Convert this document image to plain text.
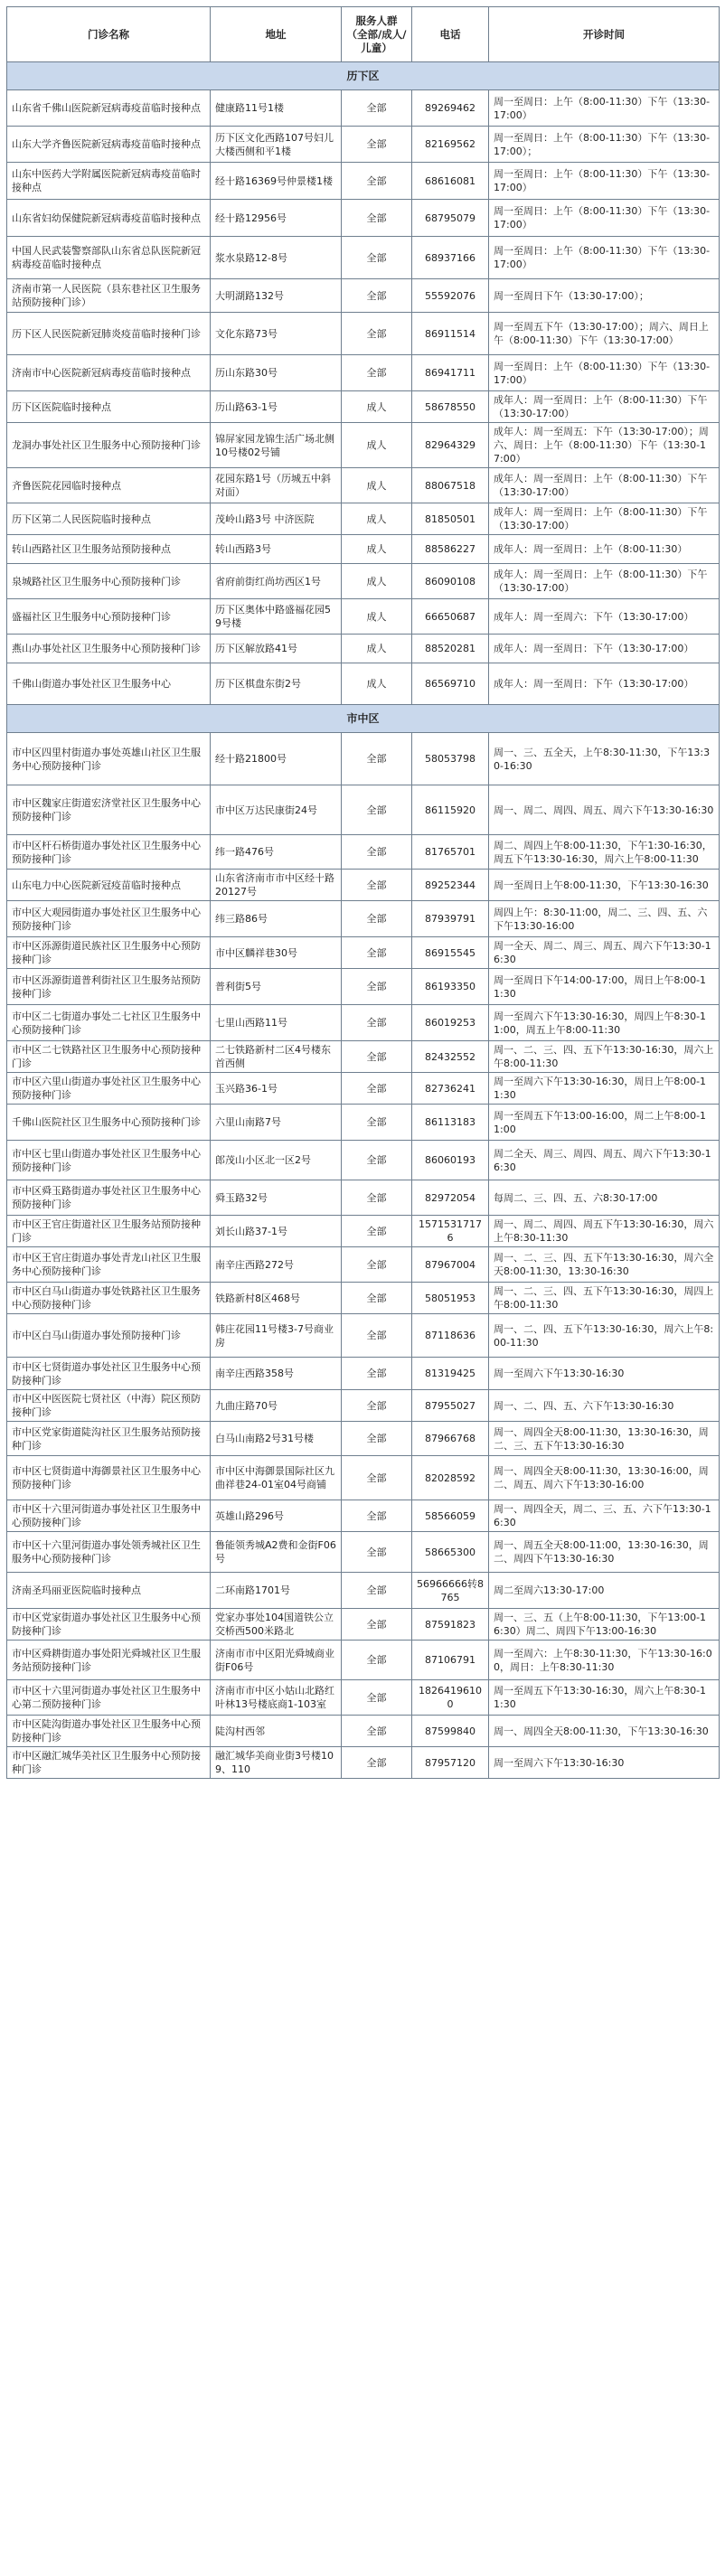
门诊名称	地址	服务人群（全部/成人/儿童）	电话	开诊时间
历下区				
山东省千佛山医院新冠病毒疫苗临时接种点	健康路11号1楼	全部	89269462	周一至周日：上午（8:00-11:30）下午（13:30-17:00）
山东大学齐鲁医院新冠病毒疫苗临时接种点	历下区文化西路107号妇儿大楼西侧和平1楼	全部	82169562	周一至周日：上午（8:00-11:30）下午（13:30-17:00）；
山东中医药大学附属医院新冠病毒疫苗临时接种点	经十路16369号仲景楼1楼	全部	68616081	周一至周日：上午（8:00-11:30）下午（13:30-17:00）
山东省妇幼保健院新冠病毒疫苗临时接种点	经十路12956号	全部	68795079	周一至周日：上午（8:00-11:30）下午（13:30-17:00）
中国人民武装警察部队山东省总队医院新冠病毒疫苗临时接种点	浆水泉路12-8号	全部	68937166	周一至周日：上午（8:00-11:30）下午（13:30-17:00）
济南市第一人民医院（县东巷社区卫生服务站预防接种门诊）	大明湖路132号	全部	55592076	周一至周日下午（13:30-17:00）；
历下区人民医院新冠肺炎疫苗临时接种门诊	文化东路73号	全部	86911514	周一至周五下午（13:30-17:00）；周六、周日上午（8:00-11:30）下午（13:30-17:00）
济南市中心医院新冠病毒疫苗临时接种点	历山东路30号	全部	86941711	周一至周日：上午（8:00-11:30）下午（13:30-17:00）
历下区医院临时接种点	历山路63-1号	成人	58678550	成年人：周一至周日：上午（8:00-11:30）下午（13:30-17:00）
龙洞办事处社区卫生服务中心预防接种门诊	锦屏家园龙锦生活广场北侧10号楼02号铺	成人	82964329	成年人：周一至周五：下午（13:30-17:00）；周六、周日：上午（8:00-11:30）下午（13:30-17:00）
齐鲁医院花园临时接种点	花园东路1号（历城五中斜对面）	成人	88067518	成年人：周一至周日：上午（8:00-11:30）下午（13:30-17:00）
历下区第二人民医院临时接种点	茂岭山路3号 中济医院	成人	81850501	成年人：周一至周日：上午（8:00-11:30）下午（13:30-17:00）
转山西路社区卫生服务站预防接种点	转山西路3号	成人	88586227	成年人：周一至周日：上午（8:00-11:30）
泉城路社区卫生服务中心预防接种门诊	省府前街红尚坊西区1号	成人	86090108	成年人：周一至周日：上午（8:00-11:30）下午（13:30-17:00）
盛福社区卫生服务中心预防接种门诊	历下区奥体中路盛福花园59号楼	成人	66650687	成年人：周一至周六：下午（13:30-17:00）
燕山办事处社区卫生服务中心预防接种门诊	历下区解放路41号	成人	88520281	成年人：周一至周日：下午（13:30-17:00）
千佛山街道办事处社区卫生服务中心	历下区棋盘东街2号	成人	86569710	成年人：周一至周日：下午（13:30-17:00）
市中区				
市中区四里村街道办事处英雄山社区卫生服务中心预防接种门诊	经十路21800号	全部	58053798	周一、三、五全天，上午8:30-11:30，下午13:30-16:30
市中区魏家庄街道宏济堂社区卫生服务中心预防接种门诊	市中区万达民康街24号	全部	86115920	周一、周二、周四、周五、周六下午13:30-16:30
市中区杆石桥街道办事处社区卫生服务中心预防接种门诊	纬一路476号	全部	81765701	周二、周四上午8:00-11:30，下午1:30-16:30，周五下午13:30-16:30，周六上午8:00-11:30
山东电力中心医院新冠疫苗临时接种点	山东省济南市市中区经十路20127号	全部	89252344	周一至周日上午8:00-11:30，下午13:30-16:30
市中区大观园街道办事处社区卫生服务中心预防接种门诊	纬三路86号	全部	87939791	周四上午：8:30-11:00，周二、三、四、五、六下午13:30-16:00
市中区泺源街道民族社区卫生服务中心预防接种门诊	市中区麟祥巷30号	全部	86915545	周一全天、周二、周三、周五、周六下午13:30-16:30
市中区泺源街道普利街社区卫生服务站预防接种门诊	普利街5号	全部	86193350	周一至周日下午14:00-17:00，周日上午8:00-11:30
市中区二七街道办事处二七社区卫生服务中心预防接种门诊	七里山西路11号	全部	86019253	周一至周六下午13:30-16:30，周四上午8:30-11:00，周五上午8:00-11:30
市中区二七铁路社区卫生服务中心预防接种门诊	二七铁路新村二区4号楼东首西侧	全部	82432552	周一、二、三、四、五下午13:30-16:30，周六上午8:00-11:30
市中区六里山街道办事处社区卫生服务中心预防接种门诊	玉兴路36-1号	全部	82736241	周一至周六下午13:30-16:30，周日上午8:00-11:30
千佛山医院社区卫生服务中心预防接种门诊	六里山南路7号	全部	86113183	周一至周五下午13:00-16:00，周二上午8:00-11:00
市中区七里山街道办事处社区卫生服务中心预防接种门诊	郎茂山小区北一区2号	全部	86060193	周二全天、周三、周四、周五、周六下午13:30-16:30
市中区舜玉路街道办事处社区卫生服务中心预防接种门诊	舜玉路32号	全部	82972054	每周二、三、四、五、六8:30-17:00
市中区王官庄街道社区卫生服务站预防接种门诊	刘长山路37-1号	全部	15715317176	周一、周二、周四、周五下午13:30-16:30，周六上午8:30-11:30
市中区王官庄街道办事处青龙山社区卫生服务中心预防接种门诊	南辛庄西路272号	全部	87967004	周一、二、三、四、五下午13:30-16:30，周六全天8:00-11:30，13:30-16:30
市中区白马山街道办事处铁路社区卫生服务中心预防接种门诊	铁路新村8区468号	全部	58051953	周一、二、三、四、五下午13:30-16:30，周四上午8:00-11:30
市中区白马山街道办事处预防接种门诊	韩庄花园11号楼3-7号商业房	全部	87118636	周一、二、四、五下午13:30-16:30，周六上午8:00-11:30
市中区七贤街道办事处社区卫生服务中心预防接种门诊	南辛庄西路358号	全部	81319425	周一至周六下午13:30-16:30
市中区中医医院七贤社区（中海）院区预防接种门诊	九曲庄路70号	全部	87955027	周一、二、四、五、六下午13:30-16:30
市中区党家街道陡沟社区卫生服务站预防接种门诊	白马山南路2号31号楼	全部	87966768	周一、周四全天8:00-11:30，13:30-16:30，周二、三、五下午13:30-16:30
市中区七贤街道中海御景社区卫生服务中心预防接种门诊	市中区中海御景国际社区九曲祥巷24-01室04号商铺	全部	82028592	周一、周四全天8:00-11:30，13:30-16:00，周二、周五、周六下午13:30-16:00
市中区十六里河街道办事处社区卫生服务中心预防接种门诊	英雄山路296号	全部	58566059	周一、周四全天，周二、三、五、六下午13:30-16:30
市中区十六里河街道办事处领秀城社区卫生服务中心预防接种门诊	鲁能领秀城A2费和金街F06号	全部	58665300	周一、周五全天8:00-11:00，13:30-16:30，周二、周四下午13:30-16:30
济南圣玛丽亚医院临时接种点	二环南路1701号	全部	56966666转8765	周二至周六13:30-17:00
市中区党家街道办事处社区卫生服务中心预防接种门诊	党家办事处104国道铁公立交桥西500米路北	全部	87591823	周一、三、五（上午8:00-11:30，下午13:00-16:30）周二、周四下午13:00-16:30
市中区舜耕街道办事处阳光舜城社区卫生服务站预防接种门诊	济南市市中区阳光舜城商业街F06号	全部	87106791	周一至周六：上午8:30-11:30，下午13:30-16:00，周日：上午8:30-11:30
市中区十六里河街道办事处社区卫生服务中心第二预防接种门诊	济南市市中区小姑山北路红叶林13号楼底商1-103室	全部	18264196100	周一至周五下午13:30-16:30，周六上午8:30-11:30
市中区陡沟街道办事处社区卫生服务中心预防接种门诊	陡沟村西邻	全部	87599840	周一、周四全天8:00-11:30，下午13:30-16:30
市中区融汇城华美社区卫生服务中心预防接种门诊	融汇城华美商业街3号楼109、110	全部	87957120	周一至周六下午13:30-16:30
